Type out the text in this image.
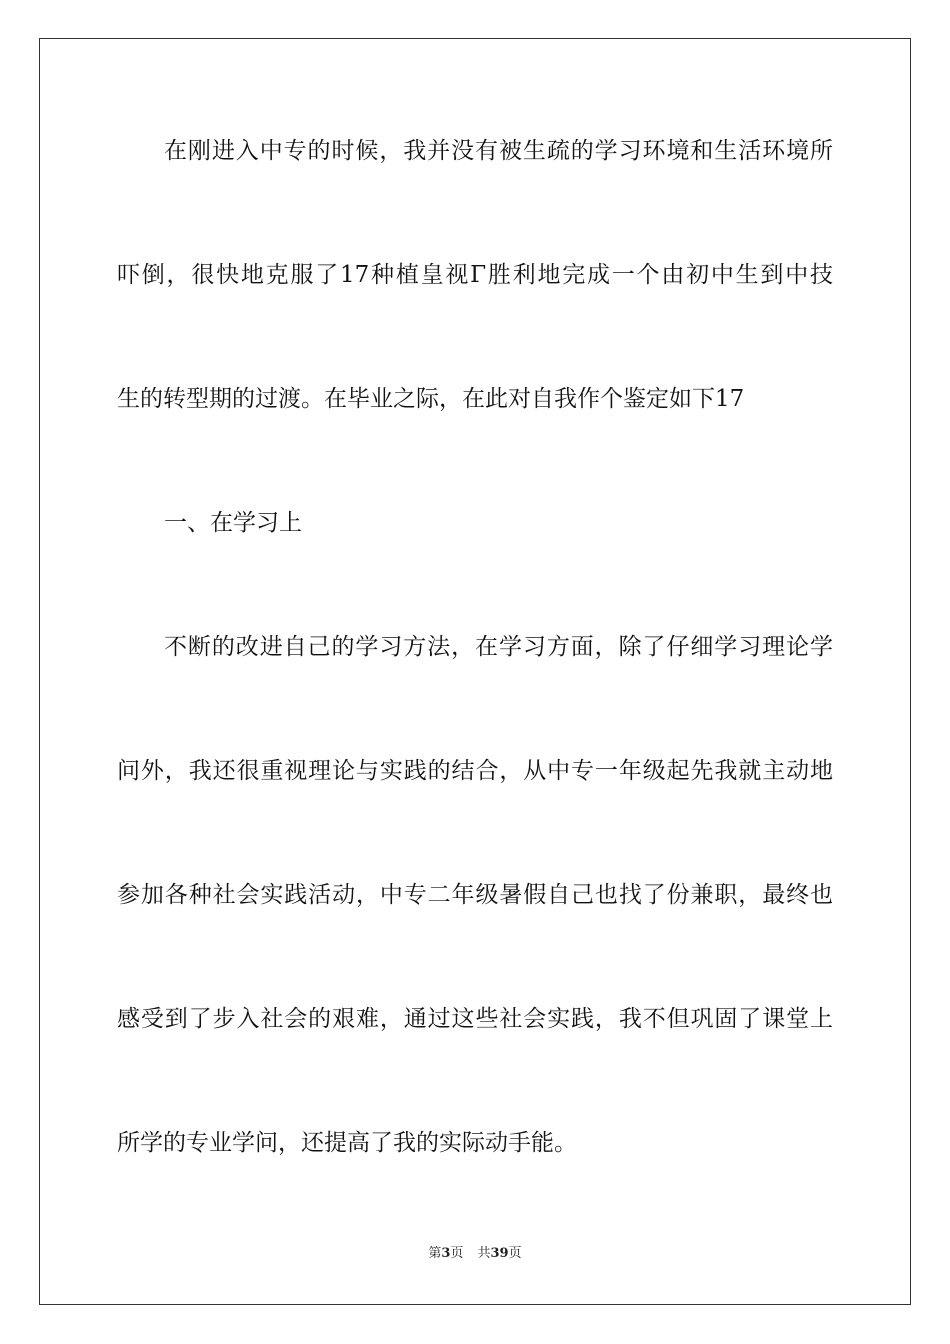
在刚进入中专的时候，我并没有被生疏的学习环境和生活环境所
吓倒，很快地克服了17种植皇视Γ胜利地完成一个由初中生到中技
生的转型期的过渡。在毕业之际，在此对自我作个鉴定如下17
一、在学习上
不断的改进自己的学习方法，在学习方面，除了仔细学习理论学
问外，我还很重视理论与实践的结合，从中专一年级起先我就主动地
参加各种社会实践活动，中专二年级暑假自己也找了份兼职，最终也
感受到了步入社会的艰难，通过这些社会实践，我不但巩固了课堂上
所学的专业学问，还提高了我的实际动手能。
第3页 共39页
